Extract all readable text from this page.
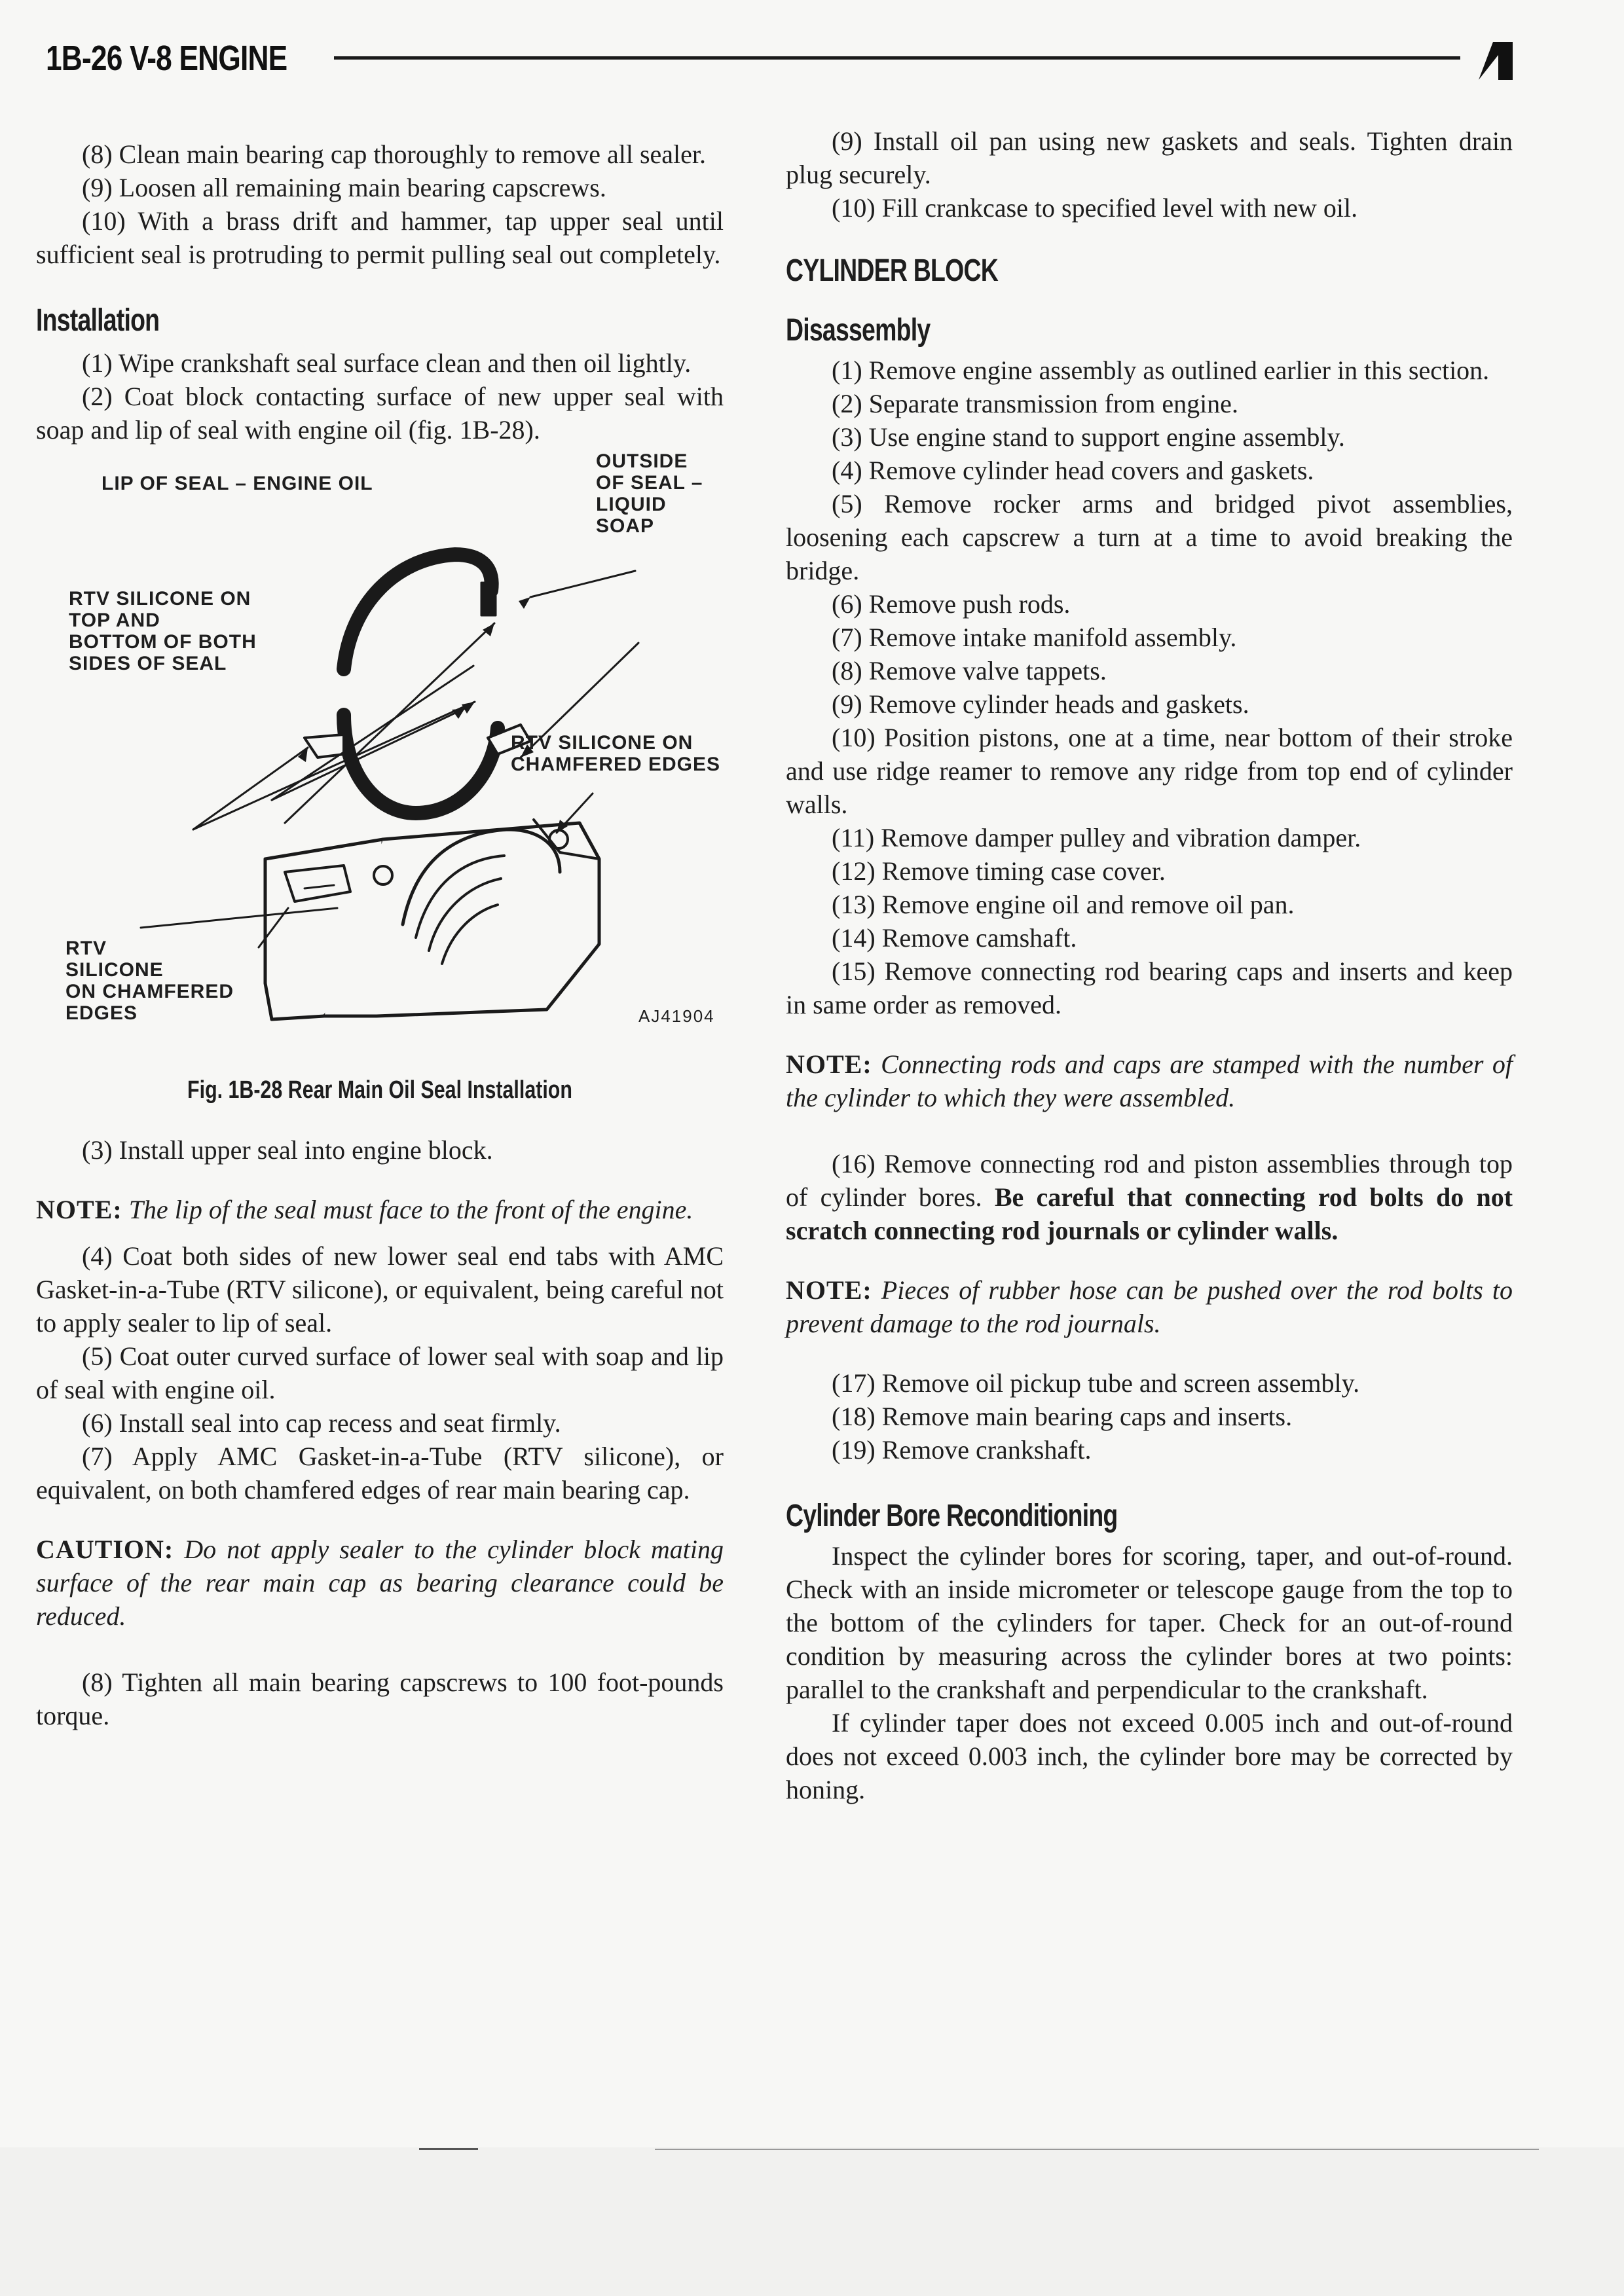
1B-26 V-8 ENGINE

(8) Clean main bearing cap thoroughly to remove all sealer.

(9) Loosen all remaining main bearing capscrews.

(10) With a brass drift and hammer, tap upper seal until sufficient seal is protruding to permit pulling seal out completely.

Installation

(1) Wipe crankshaft seal surface clean and then oil lightly.

(2) Coat block contacting surface of new upper seal with soap and lip of seal with engine oil (fig. 1B-28).

LIP OF SEAL – ENGINE OIL
OUTSIDE
OF SEAL –
LIQUID
SOAP
RTV SILICONE ON
TOP AND
BOTTOM OF BOTH
SIDES OF SEAL
RTV SILICONE ON
CHAMFERED EDGES
RTV
SILICONE
ON CHAMFERED
EDGES	AJ41904
Fig. 1B-28 Rear Main Oil Seal Installation

(3) Install upper seal into engine block.

NOTE: The lip of the seal must face to the front of the engine.

(4) Coat both sides of new lower seal end tabs with AMC Gasket-in-a-Tube (RTV silicone), or equivalent, being careful not to apply sealer to lip of seal.

(5) Coat outer curved surface of lower seal with soap and lip of seal with engine oil.

(6) Install seal into cap recess and seat firmly.

(7) Apply AMC Gasket-in-a-Tube (RTV silicone), or equivalent, on both chamfered edges of rear main bearing cap.

CAUTION: Do not apply sealer to the cylinder block mating surface of the rear main cap as bearing clearance could be reduced.

(8) Tighten all main bearing capscrews to 100 foot-pounds torque.

(9) Install oil pan using new gaskets and seals. Tighten drain plug securely.

(10) Fill crankcase to specified level with new oil.

CYLINDER BLOCK
Disassembly

(1) Remove engine assembly as outlined earlier in this section.

(2) Separate transmission from engine.

(3) Use engine stand to support engine assembly.

(4) Remove cylinder head covers and gaskets.

(5) Remove rocker arms and bridged pivot assemblies, loosening each capscrew a turn at a time to avoid breaking the bridge.

(6) Remove push rods.

(7) Remove intake manifold assembly.

(8) Remove valve tappets.

(9) Remove cylinder heads and gaskets.

(10) Position pistons, one at a time, near bottom of their stroke and use ridge reamer to remove any ridge from top end of cylinder walls.

(11) Remove damper pulley and vibration damper.

(12) Remove timing case cover.

(13) Remove engine oil and remove oil pan.

(14) Remove camshaft.

(15) Remove connecting rod bearing caps and inserts and keep in same order as removed.

NOTE: Connecting rods and caps are stamped with the number of the cylinder to which they were assembled.

(16) Remove connecting rod and piston assemblies through top of cylinder bores. Be careful that connecting rod bolts do not scratch connecting rod journals or cylinder walls.

NOTE: Pieces of rubber hose can be pushed over the rod bolts to prevent damage to the rod journals.

(17) Remove oil pickup tube and screen assembly.

(18) Remove main bearing caps and inserts.

(19) Remove crankshaft.

Cylinder Bore Reconditioning

Inspect the cylinder bores for scoring, taper, and out-of-round. Check with an inside micrometer or telescope gauge from the top to the bottom of the cylinders for taper. Check for an out-of-round condition by measuring across the cylinder bores at two points: parallel to the crankshaft and perpendicular to the crankshaft.

If cylinder taper does not exceed 0.005 inch and out-of-round does not exceed 0.003 inch, the cylinder bore may be corrected by honing.
